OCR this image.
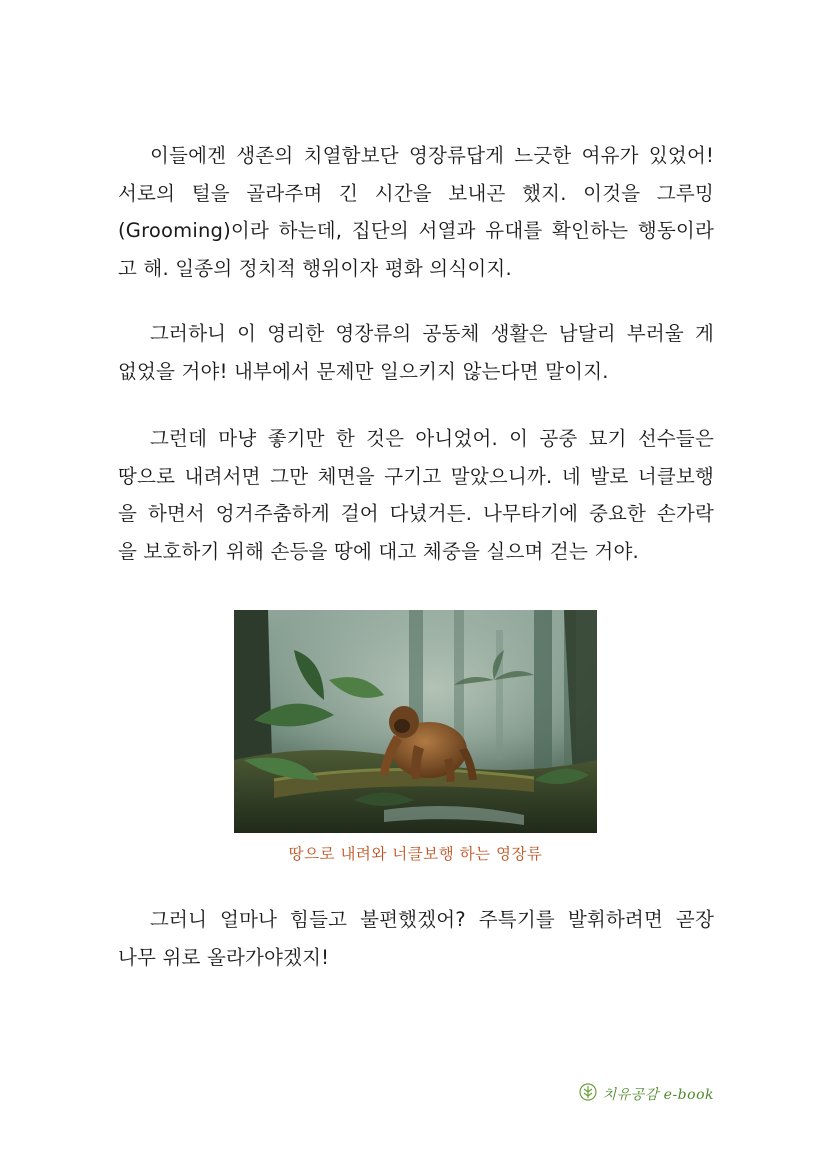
이들에겐 생존의 치열함보단 영장류답게 느긋한 여유가 있었어!
서로의 털을 골라주며 긴 시간을 보내곤 했지. 이것을 그루밍
(Grooming)이라 하는데, 집단의 서열과 유대를 확인하는 행동이라
고 해. 일종의 정치적 행위이자 평화 의식이지.

그러하니 이 영리한 영장류의 공동체 생활은 남달리 부러울 게
없었을 거야! 내부에서 문제만 일으키지 않는다면 말이지.

그런데 마냥 좋기만 한 것은 아니었어. 이 공중 묘기 선수들은
땅으로 내려서면 그만 체면을 구기고 말았으니까. 네 발로 너클보행
을 하면서 엉거주춤하게 걸어 다녔거든. 나무타기에 중요한 손가락
을 보호하기 위해 손등을 땅에 대고 체중을 실으며 걷는 거야.

땅으로 내려와 너클보행 하는 영장류

그러니 얼마나 힘들고 불편했겠어? 주특기를 발휘하려면 곧장
나무 위로 올라가야겠지!

치유공감 e-book
